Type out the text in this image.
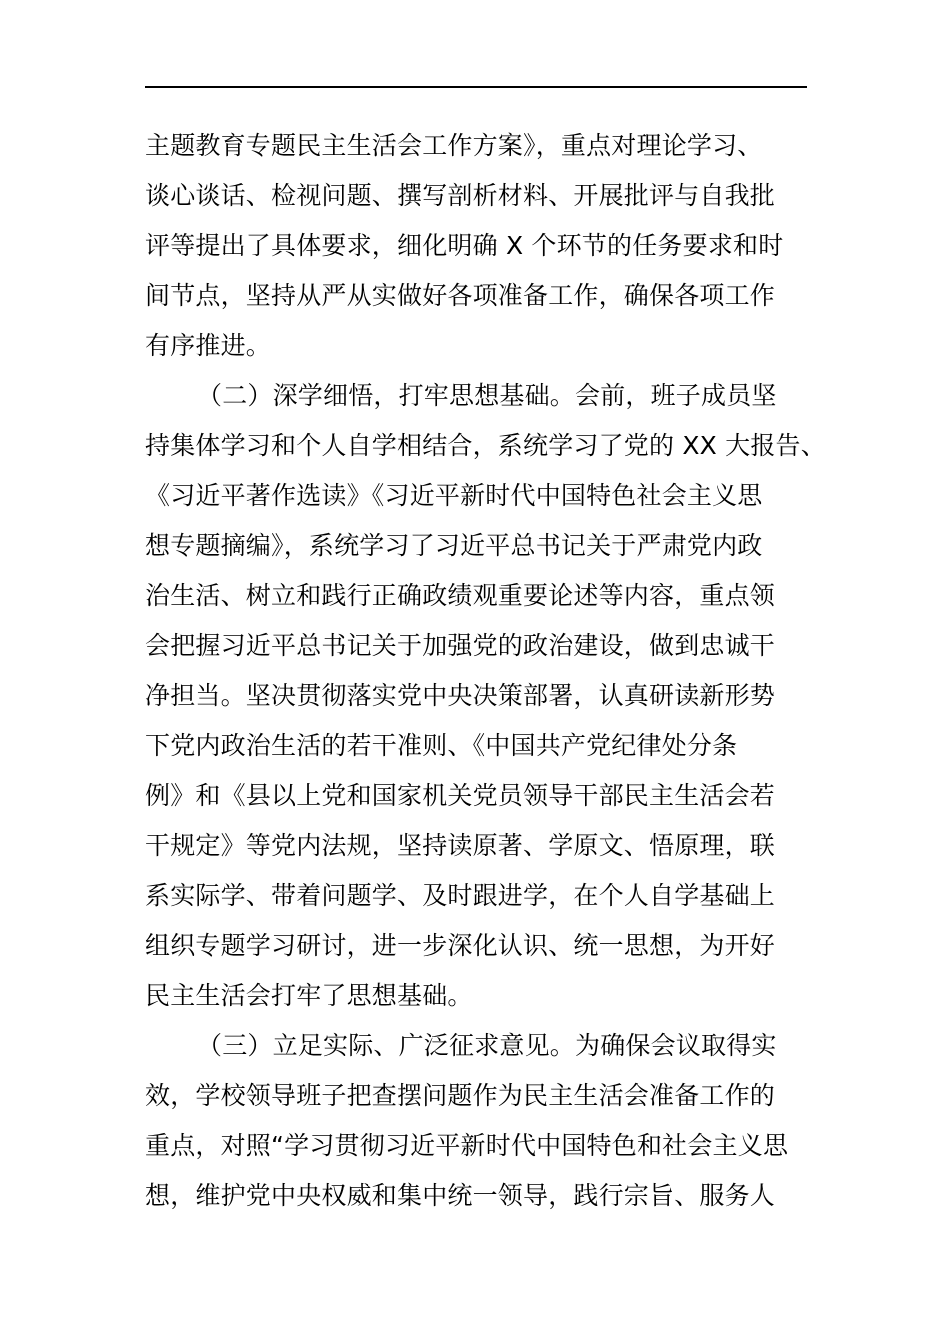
主题教育专题民主生活会工作方案》，重点对理论学习、
谈心谈话、检视问题、撰写剖析材料、开展批评与自我批
评等提出了具体要求，细化明确 X 个环节的任务要求和时
间节点，坚持从严从实做好各项准备工作，确保各项工作
有序推进。
（二）深学细悟，打牢思想基础。会前，班子成员坚
持集体学习和个人自学相结合，系统学习了党的 XX 大报告、
《习近平著作选读》《习近平新时代中国特色社会主义思
想专题摘编》，系统学习了习近平总书记关于严肃党内政
治生活、树立和践行正确政绩观重要论述等内容，重点领
会把握习近平总书记关于加强党的政治建设，做到忠诚干
净担当。坚决贯彻落实党中央决策部署，认真研读新形势
下党内政治生活的若干准则、《中国共产党纪律处分条
例》和《县以上党和国家机关党员领导干部民主生活会若
干规定》等党内法规，坚持读原著、学原文、悟原理，联
系实际学、带着问题学、及时跟进学，在个人自学基础上
组织专题学习研讨，进一步深化认识、统一思想，为开好
民主生活会打牢了思想基础。
（三）立足实际、广泛征求意见。为确保会议取得实
效，学校领导班子把查摆问题作为民主生活会准备工作的
重点，对照“学习贯彻习近平新时代中国特色和社会主义思
想，维护党中央权威和集中统一领导，践行宗旨、服务人
